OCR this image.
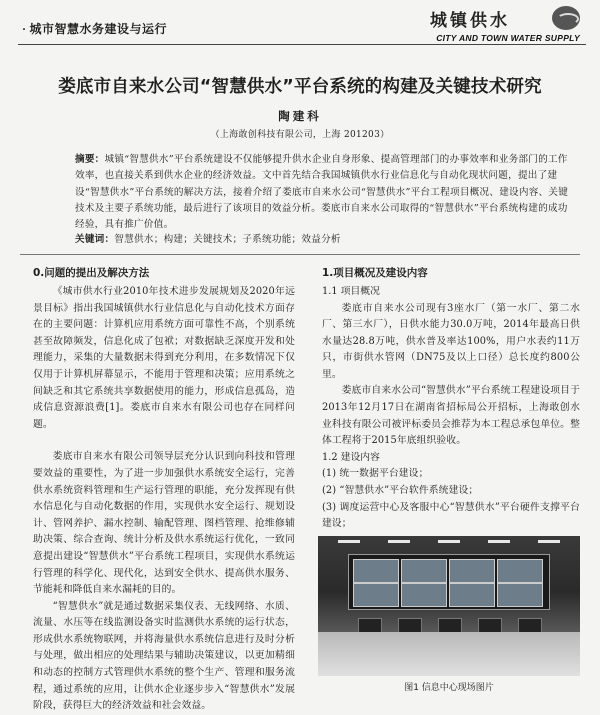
· 城市智慧水务建设与运行	城镇供水
CITY AND TOWN WATER SUPPLY
娄底市自来水公司“智慧供水”平台系统的构建及关键技术研究
陶建科
（上海敢创科技有限公司，上海 201203）

摘要：城镇“智慧供水”平台系统建设不仅能够提升供水企业自身形象、提高管理部门的办事效率和业务部门的工作效率，也直接关系到供水企业的经济效益。文中首先结合我国城镇供水行业信息化与自动化现状问题，提出了建设“智慧供水”平台系统的解决方法，接着介绍了娄底市自来水公司“智慧供水”平台工程项目概况、建设内容、关键技术及主要子系统功能，最后进行了该项目的效益分析。娄底市自来水公司取得的“智慧供水”平台系统构建的成功经验，具有推广价值。

关键词：智慧供水；构建；关键技术；子系统功能；效益分析
0.问题的提出及解决方法

《城市供水行业2010年技术进步发展规划及2020年远景目标》指出我国城镇供水行业信息化与自动化技术方面存在的主要问题：计算机应用系统方面可靠性不高，个别系统甚至故障频发，信息化成了包袱；对数据缺乏深度开发和处理能力，采集的大量数据未得到充分利用，在多数情况下仅仅用于计算机屏幕显示，不能用于管理和决策；应用系统之间缺乏和其它系统共享数据使用的能力，形成信息孤岛，造成信息资源浪费[1]。娄底市自来水有限公司也存在同样问题。

娄底市自来水有限公司领导层充分认识到向科技和管理要效益的重要性，为了进一步加强供水系统安全运行，完善供水系统资料管理和生产运行管理的职能，充分发挥现有供水信息化与自动化数据的作用，实现供水安全运行、规划设计、管网养护、漏水控制、输配管理、图档管理、抢维修辅助决策、综合查询、统计分析及供水系统运行优化，一致同意提出建设“智慧供水”平台系统工程项目，实现供水系统运行管理的科学化、现代化，达到安全供水、提高供水服务、节能耗和降低自来水漏耗的目的。

“智慧供水”就是通过数据采集仪表、无线网络、水质、流量、水压等在线监测设备实时监测供水系统的运行状态，形成供水系统物联网，并将海量供水系统信息进行及时分析与处理，做出相应的处理结果与辅助决策建议，以更加精细和动态的控制方式管理供水系统的整个生产、管理和服务流程，通过系统的应用，让供水企业逐步步入“智慧供水”发展阶段，获得巨大的经济效益和社会效益。

1.项目概况及建设内容
1.1 项目概况

娄底市自来水公司现有3座水厂（第一水厂、第二水厂、第三水厂），日供水能力30.0万吨，2014年最高日供水量达28.8万吨，供水普及率达100%，用户水表约11万只，市街供水管网（DN75及以上口径）总长度约800公里。

娄底市自来水公司“智慧供水”平台系统工程建设项目于2013年12月17日在湖南省招标局公开招标，上海敢创水业科技有限公司被评标委员会推荐为本工程总承包单位。整体工程将于2015年底组织验收。

1.2 建设内容

(1) 统一数据平台建设；

(2) “智慧供水”平台软件系统建设；

(3) 调度运营中心及客服中心“智慧供水”平台硬件支撑平台建设；

图1 信息中心现场图片
